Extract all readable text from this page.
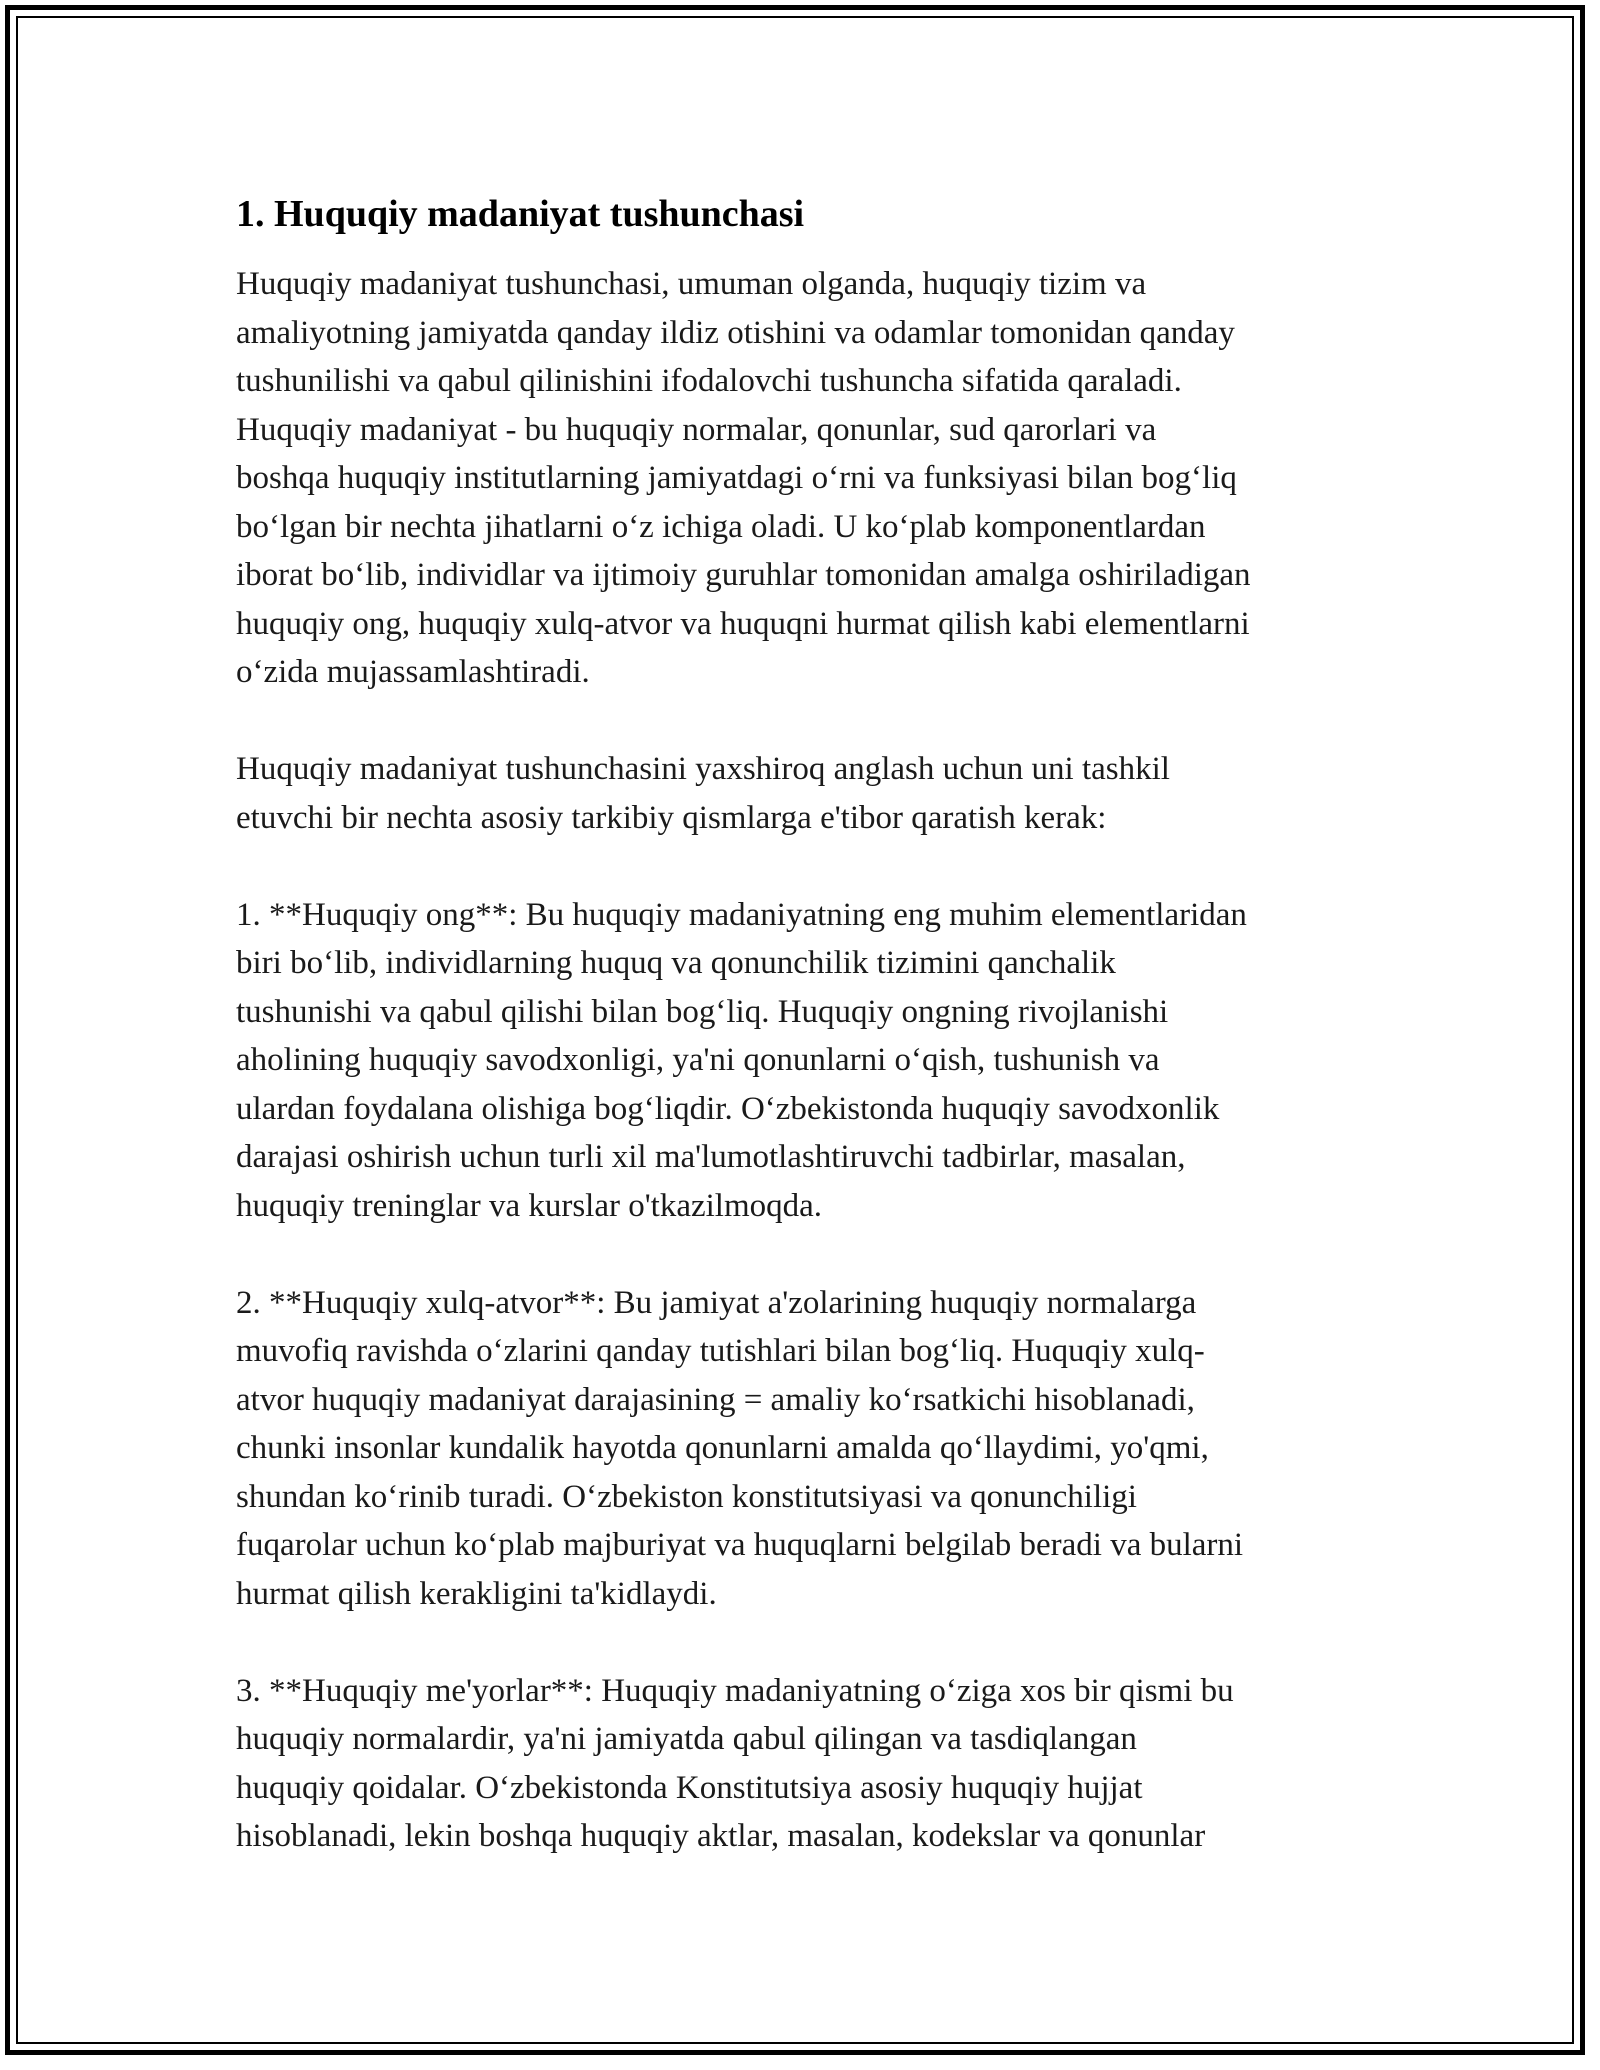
1. Huquqiy madaniyat tushunchasi

Huquqiy madaniyat tushunchasi, umuman olganda, huquqiy tizim va
amaliyotning jamiyatda qanday ildiz otishini va odamlar tomonidan qanday
tushunilishi va qabul qilinishini ifodalovchi tushuncha sifatida qaraladi.
Huquqiy madaniyat - bu huquqiy normalar, qonunlar, sud qarorlari va
boshqa huquqiy institutlarning jamiyatdagi oʻrni va funksiyasi bilan bogʻliq
boʻlgan bir nechta jihatlarni oʻz ichiga oladi. U koʻplab komponentlardan
iborat boʻlib, individlar va ijtimoiy guruhlar tomonidan amalga oshiriladigan
huquqiy ong, huquqiy xulq-atvor va huquqni hurmat qilish kabi elementlarni
oʻzida mujassamlashtiradi.

Huquqiy madaniyat tushunchasini yaxshiroq anglash uchun uni tashkil
etuvchi bir nechta asosiy tarkibiy qismlarga e'tibor qaratish kerak:

1. **Huquqiy ong**: Bu huquqiy madaniyatning eng muhim elementlaridan
biri boʻlib, individlarning huquq va qonunchilik tizimini qanchalik
tushunishi va qabul qilishi bilan bogʻliq. Huquqiy ongning rivojlanishi
aholining huquqiy savodxonligi, ya'ni qonunlarni oʻqish, tushunish va
ulardan foydalana olishiga bogʻliqdir. Oʻzbekistonda huquqiy savodxonlik
darajasi oshirish uchun turli xil ma'lumotlashtiruvchi tadbirlar, masalan,
huquqiy treninglar va kurslar o'tkazilmoqda.

2. **Huquqiy xulq-atvor**: Bu jamiyat a'zolarining huquqiy normalarga
muvofiq ravishda oʻzlarini qanday tutishlari bilan bogʻliq. Huquqiy xulq-
atvor huquqiy madaniyat darajasining = amaliy koʻrsatkichi hisoblanadi,
chunki insonlar kundalik hayotda qonunlarni amalda qoʻllaydimi, yo'qmi,
shundan koʻrinib turadi. Oʻzbekiston konstitutsiyasi va qonunchiligi
fuqarolar uchun koʻplab majburiyat va huquqlarni belgilab beradi va bularni
hurmat qilish kerakligini ta'kidlaydi.

3. **Huquqiy me'yorlar**: Huquqiy madaniyatning oʻziga xos bir qismi bu
huquqiy normalardir, ya'ni jamiyatda qabul qilingan va tasdiqlangan
huquqiy qoidalar. Oʻzbekistonda Konstitutsiya asosiy huquqiy hujjat
hisoblanadi, lekin boshqa huquqiy aktlar, masalan, kodekslar va qonunlar
